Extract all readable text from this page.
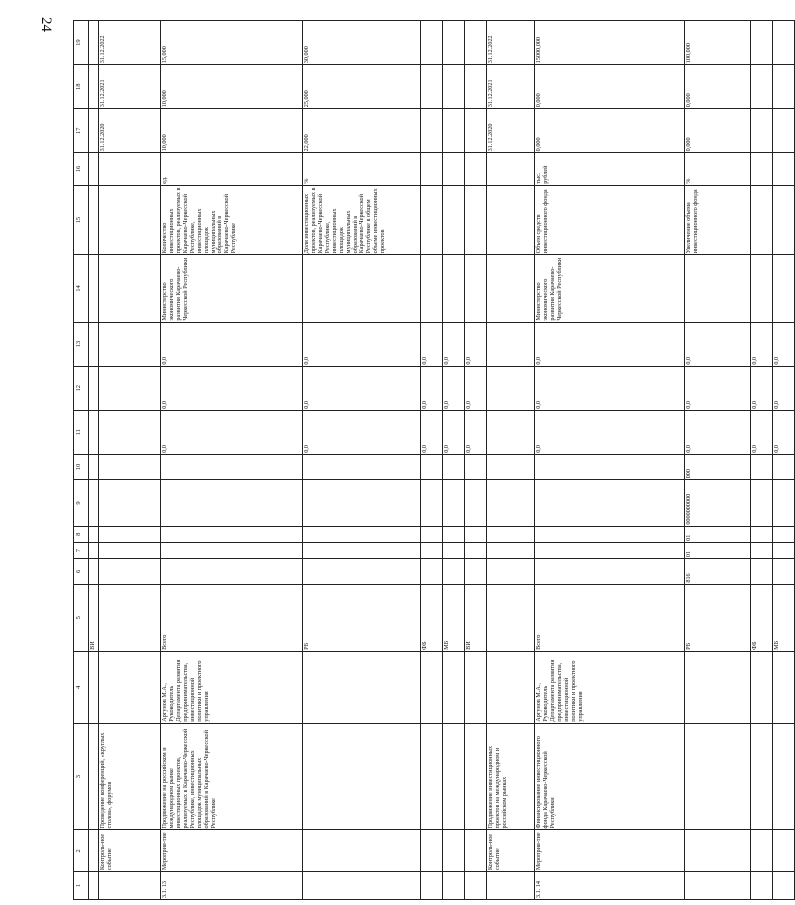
24
1	2	3	4	5	6	7	8	9	10	11	12	13	14	15	16	17	18	19
				ВИ														
	Контроль-ное событие	Проведение конференций, «круглых столов», форумов														31.12.2020	31.12.2021	31.12.2022
3.1. 13	Мероприя-тие	Продвижение на российском и международном рынке инвестиционных проектов, реализуемых в Карачаево-Черкесской Республике, инвестиционных площадок муниципальных образований в Карачаево-Черкесской Республике	Аргунов М.А., Руководитель Департамента развития предпринимательства, инвестиционной политики и проектного управления	Всего						0,0	0,0	0,0	Министерство экономического развития Карачаево-Черкесской Республики	Количество инвестиционных проектов, реализуемых в Карачаево-Черкесской Республике, инвестиционных площадок муниципальных образований в Карачаево-Черкесской Республике	ед.	10,000	10,000	15,000
				РБ						0,0	0,0	0,0		Доля инвестиционных проектов, реализуемых в Карачаево-Черкесской Республике, инвестиционных площадок муниципальных образований в Карачаево-Черкесской Республике в общем объеме инвестиционных проектов	%	22,000	25,000	30,000
				ФБ						0,0	0,0	0,0						
				МБ						0,0	0,0	0,0						
				ВИ						0,0	0,0	0,0						
	Контроль-ное событие	Продвижение инвестиционных проектов на международном и российском рынках														31.12.2020	31.12.2021	31.12.2022
3.1. 14	Мероприя-тие	Финансирование инвестиционного фонда Карачаево-Черкесской Республики	Аргунов М.А., Руководитель Департамента развития предпринимательства, инвестиционной политики и проектного управления	Всего						0,0	0,0	0,0	Министерство экономического развития Карачаево-Черкесской Республики	Объем средств инвестиционного фонда	тыс. рублей	0,000	0,000	15000,000
				РБ	816	01	01	0000000000	000	0,0	0,0	0,0		Увеличение объема инвестиционного фонда	%	0,000	0,000	100,000
				ФБ						0,0	0,0	0,0						
				МБ						0,0	0,0	0,0						
